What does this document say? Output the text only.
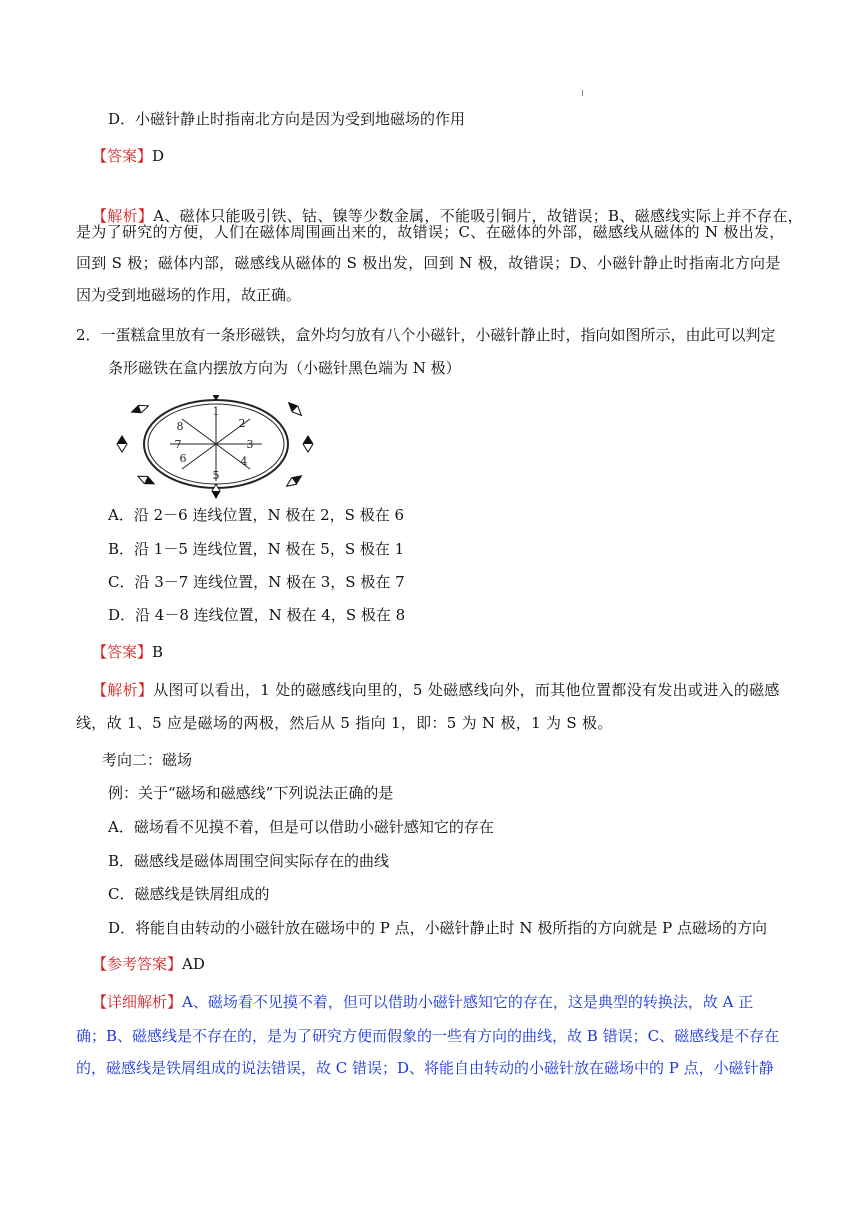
D．小磁针静止时指南北方向是因为受到地磁场的作用
【答案】D
【解析】A、磁体只能吸引铁、钴、镍等少数金属，不能吸引铜片，故错误；B、磁感线实际上并不存在，
是为了研究的方便，人们在磁体周围画出来的，故错误；C、在磁体的外部，磁感线从磁体的 N 极出发，
回到 S 极；磁体内部，磁感线从磁体的 S 极出发，回到 N 极，故错误；D、小磁针静止时指南北方向是
因为受到地磁场的作用，故正确。
2．一蛋糕盒里放有一条形磁铁，盒外均匀放有八个小磁针，小磁针静止时，指向如图所示，由此可以判定
条形磁铁在盒内摆放方向为（小磁针黑色端为 N 极）
1
2
3
4
5
6
7
8
A．沿 2－6 连线位置，N 极在 2，S 极在 6
B．沿 1－5 连线位置，N 极在 5，S 极在 1
C．沿 3－7 连线位置，N 极在 3，S 极在 7
D．沿 4－8 连线位置，N 极在 4，S 极在 8
【答案】B
【解析】从图可以看出，1 处的磁感线向里的，5 处磁感线向外，而其他位置都没有发出或进入的磁感
线，故 1、5 应是磁场的两极，然后从 5 指向 1，即：5 为 N 极，1 为 S 极。
考向二：磁场
例：关于“磁场和磁感线”下列说法正确的是
A．磁场看不见摸不着，但是可以借助小磁针感知它的存在
B．磁感线是磁体周围空间实际存在的曲线
C．磁感线是铁屑组成的
D．将能自由转动的小磁针放在磁场中的 P 点，小磁针静止时 N 极所指的方向就是 P 点磁场的方向
【参考答案】AD
【详细解析】A、磁场看不见摸不着，但可以借助小磁针感知它的存在，这是典型的转换法，故 A 正
确；B、磁感线是不存在的，是为了研究方便而假象的一些有方向的曲线，故 B 错误；C、磁感线是不存在
的，磁感线是铁屑组成的说法错误，故 C 错误；D、将能自由转动的小磁针放在磁场中的 P 点，小磁针静
